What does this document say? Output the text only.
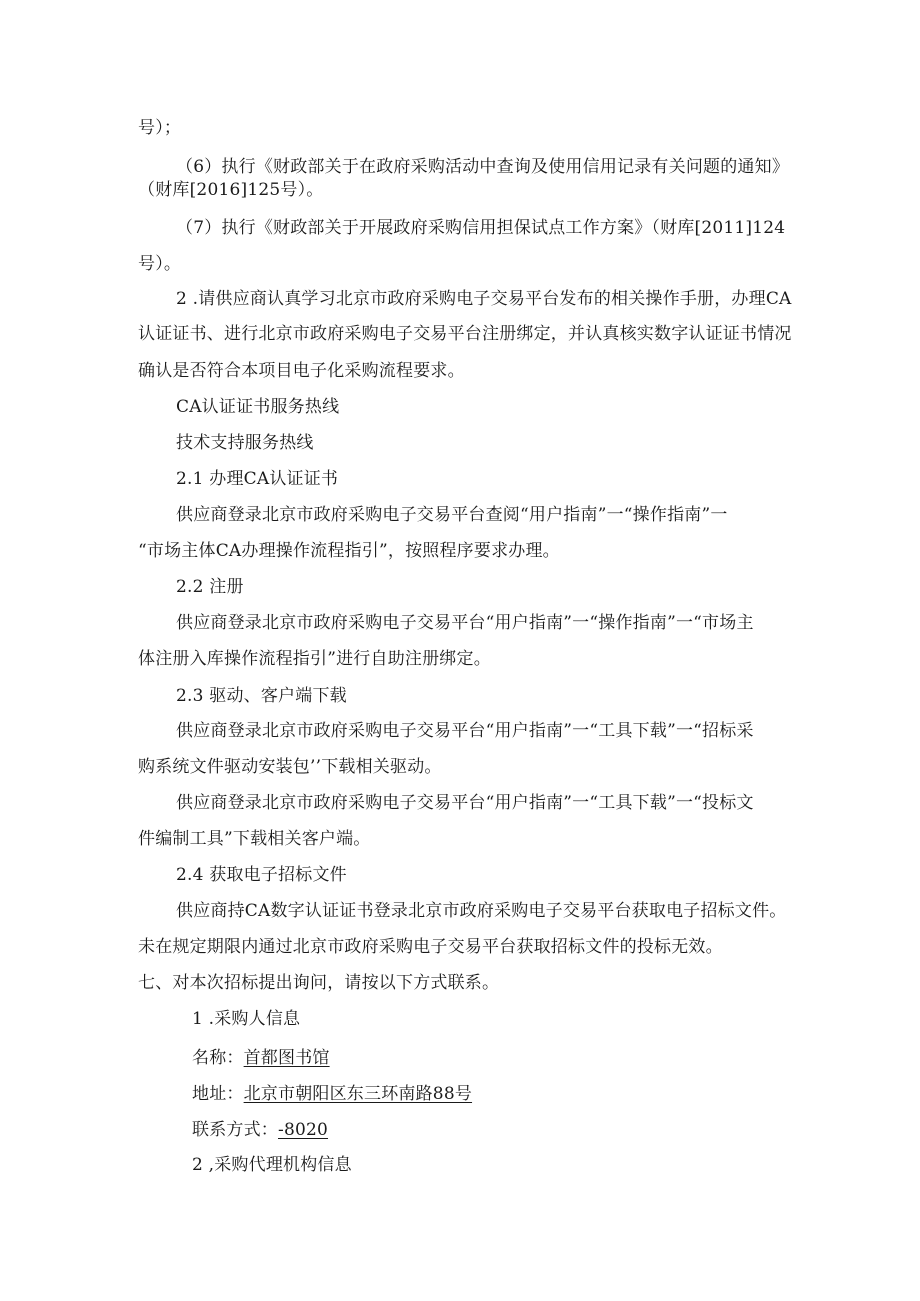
号）；
（6）执行《财政部关于在政府采购活动中查询及使用信用记录有关问题的通知》
（财库[2016]125号）。
（7）执行《财政部关于开展政府采购信用担保试点工作方案》（财库[2011]124
号）。
2 .请供应商认真学习北京市政府采购电子交易平台发布的相关操作手册，办理CA
认证证书、进行北京市政府采购电子交易平台注册绑定，并认真核实数字认证证书情况
确认是否符合本项目电子化采购流程要求。
CA认证证书服务热线
技术支持服务热线
2.1 办理CA认证证书
供应商登录北京市政府采购电子交易平台查阅“用户指南”一“操作指南”一
“市场主体CA办理操作流程指引”，按照程序要求办理。
2.2 注册
供应商登录北京市政府采购电子交易平台“用户指南”一“操作指南”一“市场主
体注册入库操作流程指引”进行自助注册绑定。
2.3 驱动、客户端下载
供应商登录北京市政府采购电子交易平台“用户指南”一“工具下载”一“招标采
购系统文件驱动安装包’’下载相关驱动。
供应商登录北京市政府采购电子交易平台“用户指南”一“工具下载”一“投标文
件编制工具”下载相关客户端。
2.4 获取电子招标文件
供应商持CA数字认证证书登录北京市政府采购电子交易平台获取电子招标文件。
未在规定期限内通过北京市政府采购电子交易平台获取招标文件的投标无效。
七、对本次招标提出询问，请按以下方式联系。
1 .采购人信息
名称：首都图书馆
地址：北京市朝阳区东三环南路88号
联系方式：-8020
2 ,采购代理机构信息
